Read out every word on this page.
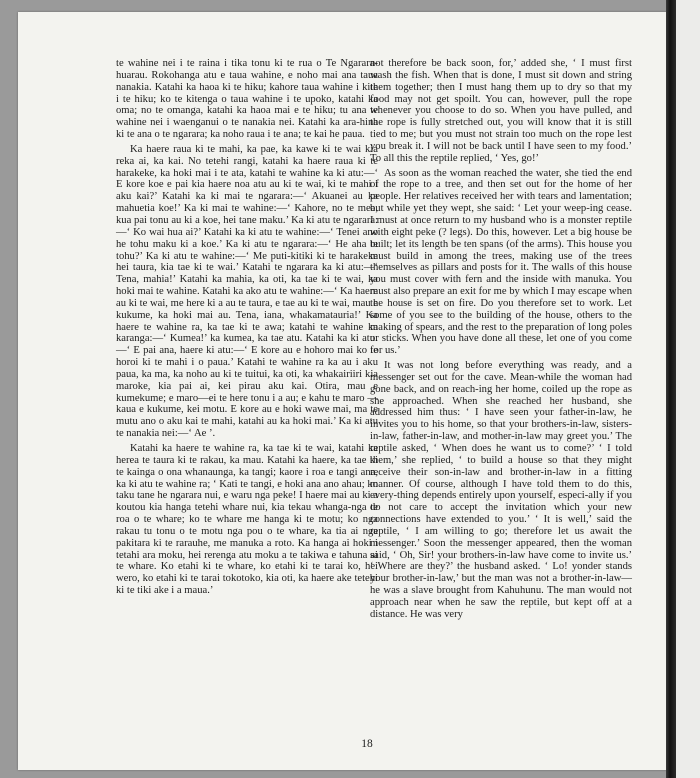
te wahine nei i te raina i tika tonu ki te rua o Te Ngarara-huarau. Rokohanga atu e taua wahine, e noho mai ana taua nanakia. Katahi ka haoa ki te hiku; kahore taua wahine i kite i te hiku; ko te kitenga o taua wahine i te upoko, katahi ka oma; no te omanga, katahi ka haoa mai e te hiku; tu ana te wahine nei i waenganui o te nanakia nei. Katahi ka ara-hina ki te ana o te ngarara; ka noho raua i te ana; te kai he paua.

Ka haere raua ki te mahi, ka pae, ka kawe ki te wai kia reka ai, ka kai. No tetehi rangi, katahi ka haere raua ki te harakeke, ka hoki mai i te ata, katahi te wahine ka ki atu:—‘ E kore koe e pai kia haere noa atu au ki te wai, ki te mahi i aku kai?’ Katahi ka ki mai te ngarara:—‘ Akuanei au ka mahuetia koe!’ Ka ki mai te wahine:—‘ Kahore, no te mea, kua pai tonu au ki a koe, hei tane maku.’ Ka ki atu te ngarara:—‘ Ko wai hua ai?’ Katahi ka ki atu te wahine:—‘ Tenei ano he tohu maku ki a koe.’ Ka ki atu te ngarara:—‘ He aha te tohu?’ Ka ki atu te wahine:—‘ Me puti-kitiki ki te harakeke hei taura, kia tae ki te wai.’ Katahi te ngarara ka ki atu:—‘ Tena, mahia!’ Katahi ka mahia, ka oti, ka tae ki te wai, ka hoki mai te wahine. Katahi ka ako atu te wahine:—‘ Ka haere au ki te wai, me here ki a au te taura, e tae au ki te wai, mau e kukume, ka hoki mai au. Tena, iana, whakamatauria!’ Ka haere te wahine ra, ka tae ki te awa; katahi te wahine ka karanga:—‘ Kumea!’ ka kumea, ka tae atu. Katahi ka ki atu:—‘ E pai ana, haere ki atu:—‘ E kore au e hohoro mai ko te horoi ki te mahi i o paua.’ Katahi te wahine ra ka au i aku paua, ka ma, ka noho au ki te tuitui, ka oti, ka whakairiiri kia maroke, kia pai ai, kei pirau aku kai. Otira, mau e kumekume; e maro—ei te here tonu i a au; e kahu te maro —kaua e kukume, kei motu. E kore au e hoki wawe mai, ma te mutu ano o aku kai te mahi, katahi au ka hoki mai.’ Ka ki atu te nanakia nei:—‘ Ae ’.

Katahi ka haere te wahine ra, ka tae ki te wai, katahi ka herea te taura ki te rakau, ka mau. Katahi ka haere, ka tae ki te kainga o ona whanaunga, ka tangi; kaore i roa e tangi ana, ka ki atu te wahine ra; ‘ Kati te tangi, e hoki ana ano ahau; ko taku tane he ngarara nui, e waru nga peke! I haere mai au ki a koutou kia hanga tetehi whare nui, kia tekau whanga-nga te roa o te whare; ko te whare me hanga ki te motu; ko nga rakau tu tonu o te motu nga pou o te whare, ka tia ai nga pakitara ki te rarauhe, me manuka a roto. Ka hanga ai hoki i tetahi ara moku, hei rerenga atu moku a te takiwa e tahuna ai te whare. Ko etahi ki te whare, ko etahi ki te tarai ko, hei wero, ko etahi ki te tarai tokotoko, kia oti, ka haere ake tetehi ki te tiki ake i a maua.’

not therefore be back soon, for,’ added she, ‘ I must first wash the fish. When that is done, I must sit down and string them together; then I must hang them up to dry so that my food may not get spoilt. You can, however, pull the rope whenever you choose to do so. When you have pulled, and the rope is fully stretched out, you will know that it is still tied to me; but you must not strain too much on the rope lest you break it. I will not be back until I have seen to my food.’ To all this the reptile replied, ‘ Yes, go!’

As soon as the woman reached the water, she tied the end of the rope to a tree, and then set out for the home of her people. Her relatives received her with tears and lamentation; but while yet they wept, she said: ‘ Let your weep-ing cease. I must at once return to my husband who is a monster reptile with eight peke (? legs). Do this, however. Let a big house be built; let its length be ten spans (of the arms). This house you must build in among the trees, making use of the trees themselves as pillars and posts for it. The walls of this house you must cover with fern and the inside with manuka. You must also prepare an exit for me by which I may escape when the house is set on fire. Do you therefore set to work. Let some of you see to the building of the house, others to the making of spears, and the rest to the preparation of long poles or sticks. When you have done all these, let one of you come for us.’

It was not long before everything was ready, and a messenger set out for the cave. Mean-while the woman had gone back, and on reach-ing her home, coiled up the rope as she approached. When she reached her husband, she addressed him thus: ‘ I have seen your father-in-law, he invites you to his home, so that your brothers-in-law, sisters-in-law, father-in-law, and mother-in-law may greet you.’ The reptile asked, ‘ When does he want us to come?’ ‘ I told them,’ she replied, ‘ to build a house so that they might receive their son-in-law and brother-in-law in a fitting manner. Of course, although I have told them to do this, every-thing depends entirely upon yourself, especi-ally if you do not care to accept the invitation which your new connections have extended to you.’ ‘ It is well,’ said the reptile, ‘ I am willing to go; therefore let us await the messenger.’ Soon the messenger appeared, then the woman said, ‘ Oh, Sir! your brothers-in-law have come to invite us.’ ‘ Where are they?’ the husband asked. ‘ Lo! yonder stands your brother-in-law,’ but the man was not a brother-in-law— he was a slave brought from Kahuhunu. The man would not approach near when he saw the reptile, but kept off at a distance. He was very

18
